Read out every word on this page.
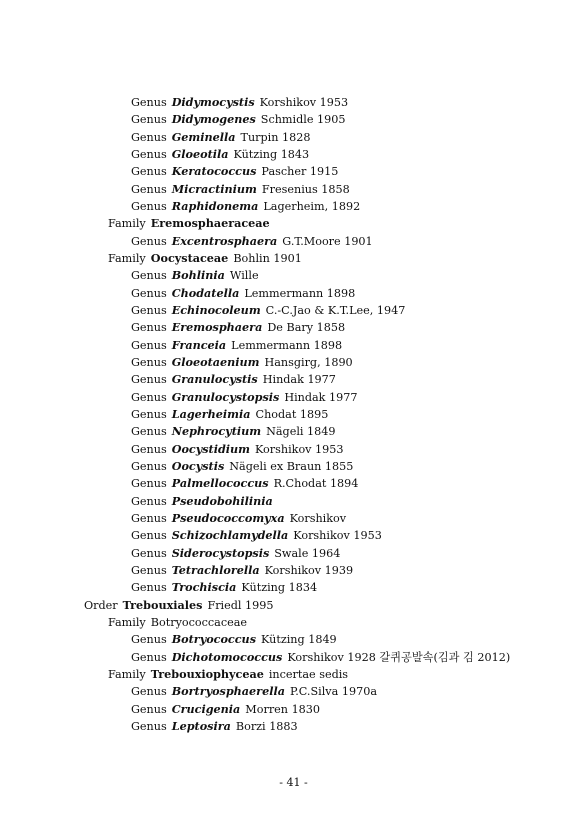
Genus Didymocystis Korshikov 1953
Genus Didymogenes Schmidle 1905
Genus Geminella Turpin 1828
Genus Gloeotila Kützing 1843
Genus Keratococcus Pascher 1915
Genus Micractinium Fresenius 1858
Genus Raphidonema Lagerheim, 1892
Family Eremosphaeraceae
Genus Excentrosphaera G.T.Moore 1901
Family Oocystaceae Bohlin 1901
Genus Bohlinia Wille
Genus Chodatella Lemmermann 1898
Genus Echinocoleum C.-C.Jao & K.T.Lee, 1947
Genus Eremosphaera De Bary 1858
Genus Franceia Lemmermann 1898
Genus Gloeotaenium Hansgirg, 1890
Genus Granulocystis Hindak 1977
Genus Granulocystopsis Hindak 1977
Genus Lagerheimia Chodat 1895
Genus Nephrocytium Nägeli 1849
Genus Oocystidium Korshikov 1953
Genus Oocystis Nägeli ex Braun 1855
Genus Palmellococcus R.Chodat 1894
Genus Pseudobohilinia
Genus Pseudococcomyxa Korshikov
Genus Schizochlamydella Korshikov 1953
Genus Siderocystopsis Swale 1964
Genus Tetrachlorella Korshikov 1939
Genus Trochiscia Kützing 1834
Order Trebouxiales Friedl 1995
Family Botryococcaceae
Genus Botryococcus Kützing 1849
Genus Dichotomococcus Korshikov 1928 갈퀴공발속(김과 김 2012)
Family Trebouxiophyceae incertae sedis
Genus Bortryosphaerella P.C.Silva 1970a
Genus Crucigenia Morren 1830
Genus Leptosira Borzi 1883
- 41 -
